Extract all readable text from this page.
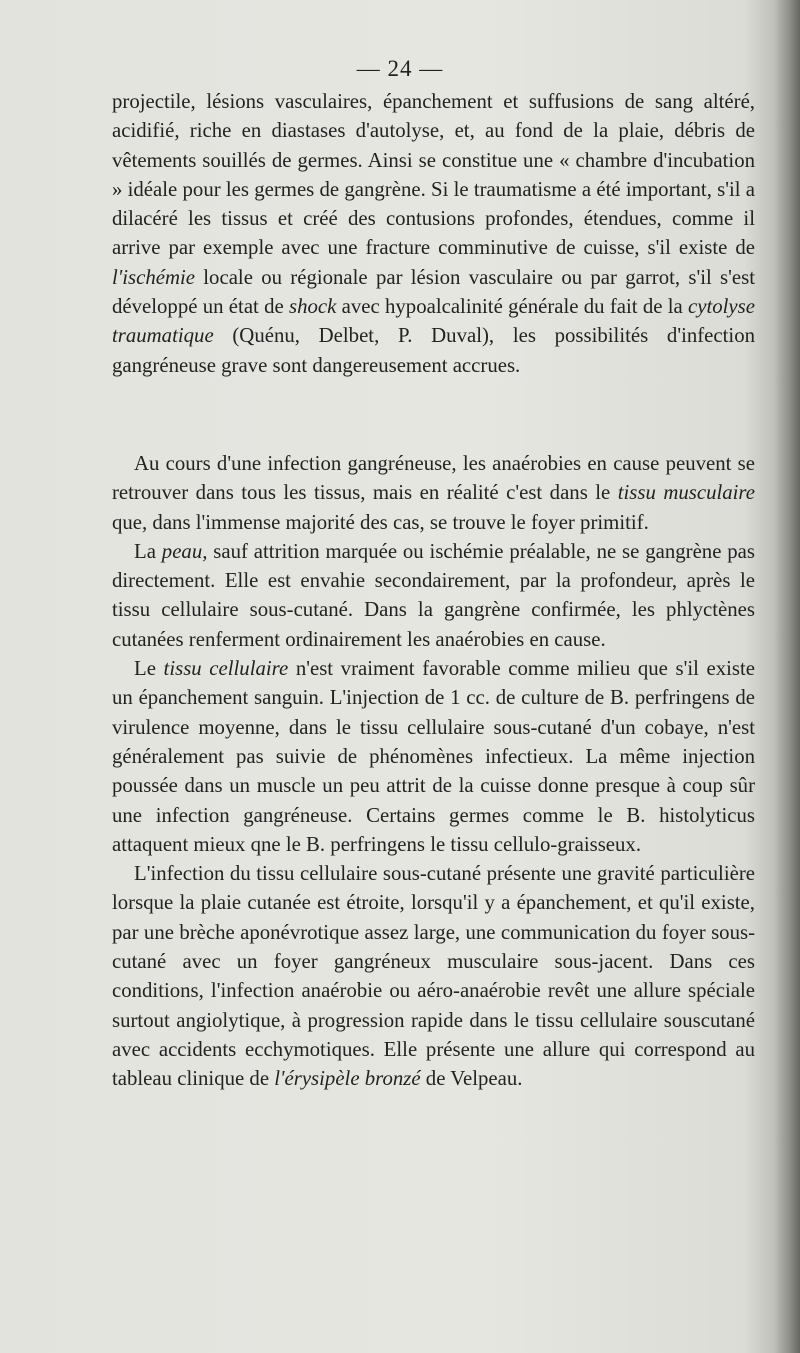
— 24 —

projectile, lésions vasculaires, épanchement et suffusions de sang altéré, acidifié, riche en diastases d'autolyse, et, au fond de la plaie, débris de vêtements souillés de germes. Ainsi se constitue une « chambre d'incubation » idéale pour les germes de gangrène. Si le traumatisme a été important, s'il a dilacéré les tissus et créé des contusions profondes, étendues, comme il arrive par exemple avec une fracture comminutive de cuisse, s'il existe de l'ischémie locale ou régionale par lésion vasculaire ou par garrot, s'il s'est développé un état de shock avec hypoalcalinité générale du fait de la cytolyse traumatique (Quénu, Delbet, P. Duval), les possibilités d'infection gangréneuse grave sont dangereusement accrues.

Au cours d'une infection gangréneuse, les anaérobies en cause peuvent se retrouver dans tous les tissus, mais en réalité c'est dans le tissu musculaire que, dans l'immense majorité des cas, se trouve le foyer primitif.

La peau, sauf attrition marquée ou ischémie préalable, ne se gangrène pas directement. Elle est envahie secondairement, par la profondeur, après le tissu cellulaire sous-cutané. Dans la gangrène confirmée, les phlyctènes cutanées renferment ordinairement les anaérobies en cause.

Le tissu cellulaire n'est vraiment favorable comme milieu que s'il existe un épanchement sanguin. L'injection de 1 cc. de culture de B. perfringens de virulence moyenne, dans le tissu cellulaire sous-cutané d'un cobaye, n'est généralement pas suivie de phénomènes infectieux. La même injection poussée dans un muscle un peu attrit de la cuisse donne presque à coup sûr une infection gangréneuse. Certains germes comme le B. histolyticus attaquent mieux qne le B. perfringens le tissu cellulo-graisseux.

L'infection du tissu cellulaire sous-cutané présente une gravité particulière lorsque la plaie cutanée est étroite, lorsqu'il y a épanchement, et qu'il existe, par une brèche aponévrotique assez large, une communication du foyer sous-cutané avec un foyer gangréneux musculaire sous-jacent. Dans ces conditions, l'infection anaérobie ou aéro-anaérobie revêt une allure spéciale surtout angiolytique, à progression rapide dans le tissu cellulaire souscutané avec accidents ecchymotiques. Elle présente une allure qui correspond au tableau clinique de l'érysipèle bronzé de Velpeau.
